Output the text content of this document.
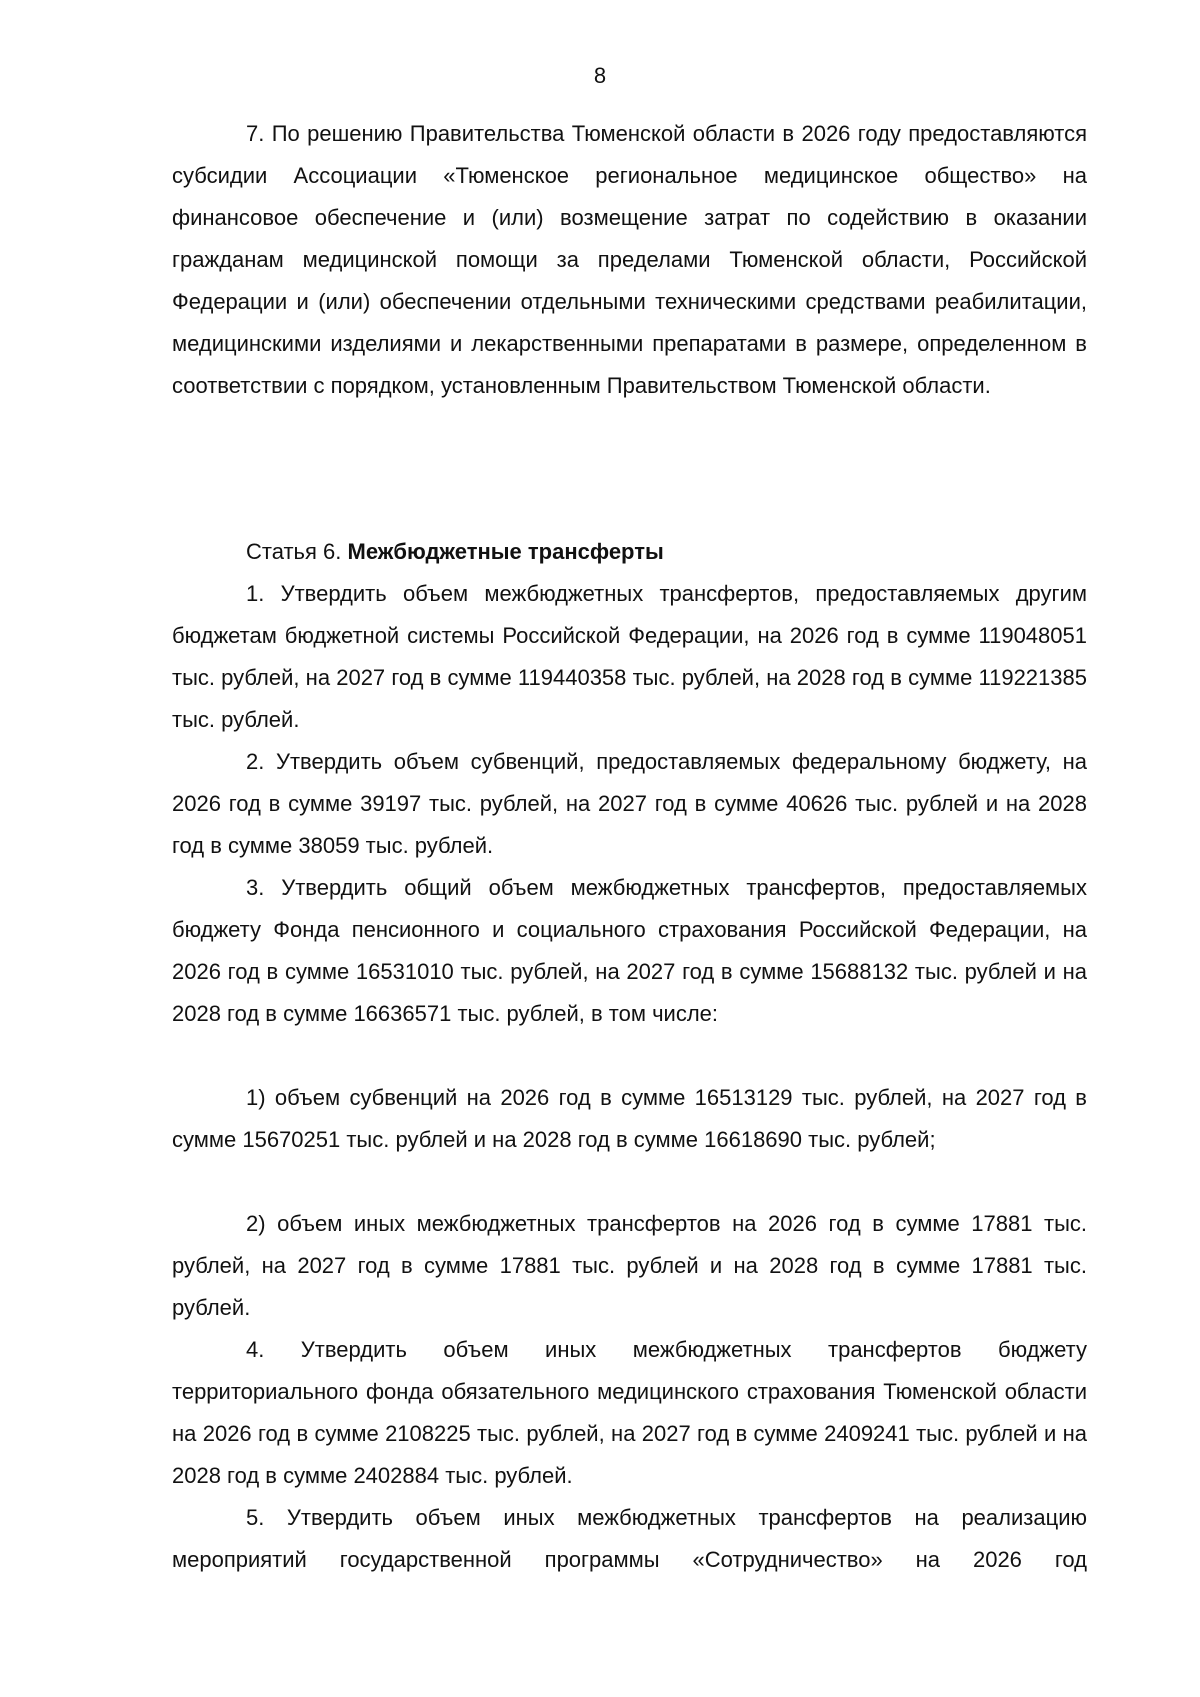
8

7. По решению Правительства Тюменской области в 2026 году предоставляются субсидии Ассоциации «Тюменское региональное медицинское общество» на финансовое обеспечение и (или) возмещение затрат по содействию в оказании гражданам медицинской помощи за пределами Тюменской области, Российской Федерации и (или) обеспечении отдельными техническими средствами реабилитации, медицинскими изделиями и лекарственными препаратами в размере, определенном в соответствии с порядком, установленным Правительством Тюменской области.

Статья 6. Межбюджетные трансферты

1. Утвердить объем межбюджетных трансфертов, предоставляемых другим бюджетам бюджетной системы Российской Федерации, на 2026 год в сумме 119048051 тыс. рублей, на 2027 год в сумме 119440358 тыс. рублей, на 2028 год в сумме 119221385 тыс. рублей.

2. Утвердить объем субвенций, предоставляемых федеральному бюджету, на 2026 год в сумме 39197 тыс. рублей, на 2027 год в сумме 40626 тыс. рублей и на 2028 год в сумме 38059 тыс. рублей.

3. Утвердить общий объем межбюджетных трансфертов, предоставляемых бюджету Фонда пенсионного и социального страхования Российской Федерации, на 2026 год в сумме 16531010 тыс. рублей, на 2027 год в сумме 15688132 тыс. рублей и на 2028 год в сумме 16636571 тыс. рублей, в том числе:

1) объем субвенций на 2026 год в сумме 16513129 тыс. рублей, на 2027 год в сумме 15670251 тыс. рублей и на 2028 год в сумме 16618690 тыс. рублей;

2) объем иных межбюджетных трансфертов на 2026 год в сумме 17881 тыс. рублей, на 2027 год в сумме 17881 тыс. рублей и на 2028 год в сумме 17881 тыс. рублей.

4. Утвердить объем иных межбюджетных трансфертов бюджету территориального фонда обязательного медицинского страхования Тюменской области на 2026 год в сумме 2108225 тыс. рублей, на 2027 год в сумме 2409241 тыс. рублей и на 2028 год в сумме 2402884 тыс. рублей.

5. Утвердить объем иных межбюджетных трансфертов на реализацию мероприятий государственной программы «Сотрудничество» на 2026 год
